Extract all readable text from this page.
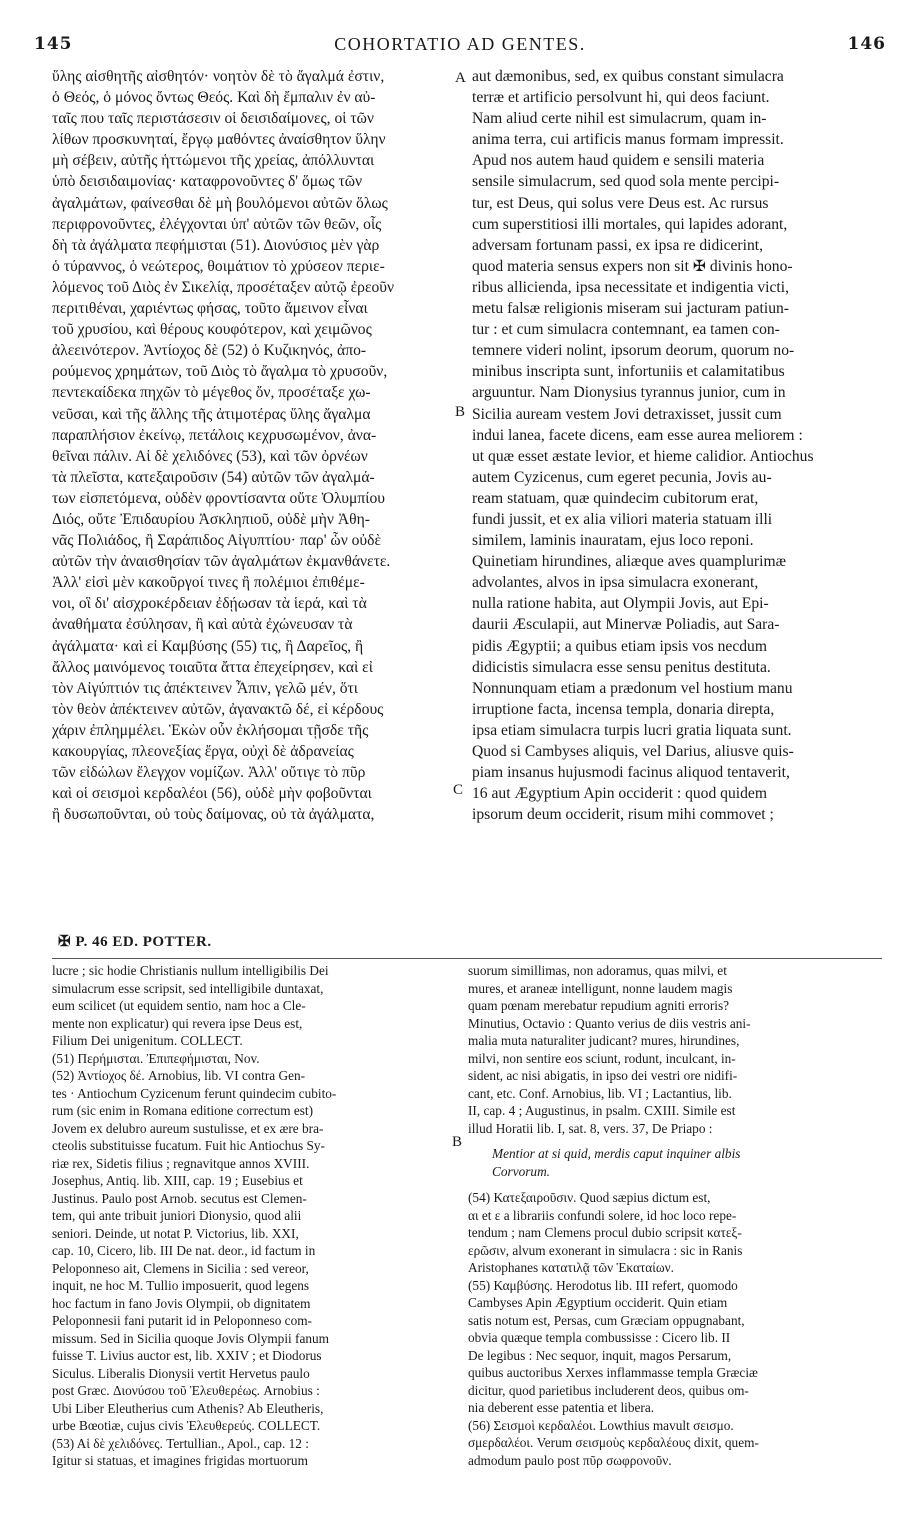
145	COHORTATIO AD GENTES.	146
ὕλης αἰσθητῆς αἰσθητόν· νοητὸν δὲ τὸ ἄγαλμά ἐστιν,
ὁ Θεός, ὁ μόνος ὄντως Θεός. Καὶ δὴ ἔμπαλιν ἐν αὐ-
ταῖς που ταῖς περιστάσεσιν οἱ δεισιδαίμονες, οἱ τῶν
λίθων προσκυνηταί, ἔργῳ μαθόντες ἀναίσθητον ὕλην
μὴ σέβειν, αὐτῆς ἡττώμενοι τῆς χρείας, ἀπόλλυνται
ὑπὸ δεισιδαιμονίας· καταφρονοῦντες δ' ὅμως τῶν
ἀγαλμάτων, φαίνεσθαι δὲ μὴ βουλόμενοι αὐτῶν ὅλως
περιφρονοῦντες, ἐλέγχονται ὑπ' αὐτῶν τῶν θεῶν, οἷς
δὴ τὰ ἀγάλματα πεφήμισται (51). Διονύσιος μὲν γὰρ
ὁ τύραννος, ὁ νεώτερος, θοιμάτιον τὸ χρύσεον περιε-
λόμενος τοῦ Διὸς ἐν Σικελίᾳ, προσέταξεν αὐτῷ ἐρεοῦν
περιτιθέναι, χαριέντως φήσας, τοῦτο ἄμεινον εἶναι
τοῦ χρυσίου, καὶ θέρους κουφότερον, καὶ χειμῶνος
ἀλεεινότερον. Ἀντίοχος δὲ (52) ὁ Κυζικηνός, ἀπο-
ρούμενος χρημάτων, τοῦ Διὸς τὸ ἄγαλμα τὸ χρυσοῦν,
πεντεκαίδεκα πηχῶν τὸ μέγεθος ὄν, προσέταξε χω-
νεῦσαι, καὶ τῆς ἄλλης τῆς ἀτιμοτέρας ὕλης ἄγαλμα
παραπλήσιον ἐκείνῳ, πετάλοις κεχρυσωμένον, ἀνα-
θεῖναι πάλιν. Αἱ δὲ χελιδόνες (53), καὶ τῶν ὀρνέων
τὰ πλεῖστα, κατεξαιροῦσιν (54) αὐτῶν τῶν ἀγαλμά-
των εἰσπετόμενα, οὐδὲν φροντίσαντα οὔτε Ὀλυμπίου
Διός, οὔτε Ἐπιδαυρίου Ἀσκληπιοῦ, οὐδὲ μὴν Ἀθη-
νᾶς Πολιάδος, ἢ Σαράπιδος Αἰγυπτίου· παρ' ὧν οὐδὲ
αὐτῶν τὴν ἀναισθησίαν τῶν ἀγαλμάτων ἐκμανθάνετε.
Ἀλλ' εἰσὶ μὲν κακοῦργοί τινες ἢ πολέμιοι ἐπιθέμε-
νοι, οἳ δι' αἰσχροκέρδειαν ἐδῄωσαν τὰ ἱερά, καὶ τὰ
ἀναθήματα ἐσύλησαν, ἢ καὶ αὐτὰ ἐχώνευσαν τὰ
ἀγάλματα· καὶ εἰ Καμβύσης (55) τις, ἢ Δαρεῖος, ἢ
ἄλλος μαινόμενος τοιαῦτα ἄττα ἐπεχείρησεν, καὶ εἰ
τὸν Αἰγύπτιόν τις ἀπέκτεινεν Ἆπιν, γελῶ μέν, ὅτι
τὸν θεὸν ἀπέκτεινεν αὐτῶν, ἀγανακτῶ δέ, εἰ κέρδους
χάριν ἐπλημμέλει. Ἑκὼν οὖν ἐκλήσομαι τῇσδε τῆς
κακουργίας, πλεονεξίας ἔργα, οὐχὶ δὲ ἀδρανείας
τῶν εἰδώλων ἔλεγχον νομίζων. Ἀλλ' οὔτιγε τὸ πῦρ
καὶ οἱ σεισμοὶ κερδαλέοι (56), οὐδὲ μὴν φοβοῦνται
ἢ δυσωποῦνται, οὐ τοὺς δαίμονας, οὐ τὰ ἀγάλματα,
aut dæmonibus, sed, ex quibus constant simulacra
terræ et artificio persolvunt hi, qui deos faciunt.
Nam aliud certe nihil est simulacrum, quam in-
anima terra, cui artificis manus formam impressit.
Apud nos autem haud quidem e sensili materia
sensile simulacrum, sed quod sola mente percipi-
tur, est Deus, qui solus vere Deus est. Ac rursus
cum superstitiosi illi mortales, qui lapides adorant,
adversam fortunam passi, ex ipsa re didicerint,
quod materia sensus expers non sit ✠ divinis hono-
ribus allicienda, ipsa necessitate et indigentia victi,
metu falsæ religionis miseram sui jacturam patiun-
tur : et cum simulacra contemnant, ea tamen con-
temnere videri nolint, ipsorum deorum, quorum no-
minibus inscripta sunt, infortuniis et calamitatibus
arguuntur. Nam Dionysius tyrannus junior, cum in
Sicilia auream vestem Jovi detraxisset, jussit cum
indui lanea, facete dicens, eam esse aurea meliorem :
ut quæ esset æstate levior, et hieme calidior. Antiochus
autem Cyzicenus, cum egeret pecunia, Jovis au-
ream statuam, quæ quindecim cubitorum erat,
fundi jussit, et ex alia viliori materia statuam illi
similem, laminis inauratam, ejus loco reponi.
Quinetiam hirundines, aliæque aves quamplurimæ
advolantes, alvos in ipsa simulacra exonerant,
nulla ratione habita, aut Olympii Jovis, aut Epi-
daurii Æsculapii, aut Minervæ Poliadis, aut Sara-
pidis Ægyptii; a quibus etiam ipsis vos necdum
didicistis simulacra esse sensu penitus destituta.
Nonnunquam etiam a prædonum vel hostium manu
irruptione facta, incensa templa, donaria direpta,
ipsa etiam simulacra turpis lucri gratia liquata sunt.
Quod si Cambyses aliquis, vel Darius, aliusve quis-
piam insanus hujusmodi facinus aliquod tentaverit,
16 aut Ægyptium Apin occiderit : quod quidem
ipsorum deum occiderit, risum mihi commovet ;
A
B
C
B
✠ P. 46 ED. POTTER.
lucre ; sic hodie Christianis nullum intelligibilis Dei
simulacrum esse scripsit, sed intelligibile duntaxat,
eum scilicet (ut equidem sentio, nam hoc a Cle-
mente non explicatur) qui revera ipse Deus est,
Filium Dei unigenitum. COLLECT.
(51) Περήμισται. Ἐπιπεφήμισται, Nov.
(52) Ἀντίοχος δέ. Arnobius, lib. VI contra Gen-
tes · Antiochum Cyzicenum ferunt quindecim cubito-
rum (sic enim in Romana editione correctum est)
Jovem ex delubro aureum sustulisse, et ex ære bra-
cteolis substituisse fucatum. Fuit hic Antiochus Sy-
riæ rex, Sidetis filius ; regnavitque annos XVIII.
Josephus, Antiq. lib. XIII, cap. 19 ; Eusebius et
Justinus. Paulo post Arnob. secutus est Clemen-
tem, qui ante tribuit juniori Dionysio, quod alii
seniori. Deinde, ut notat P. Victorius, lib. XXI,
cap. 10, Cicero, lib. III De nat. deor., id factum in
Peloponneso ait, Clemens in Sicilia : sed vereor,
inquit, ne hoc M. Tullio imposuerit, quod legens
hoc factum in fano Jovis Olympii, ob dignitatem
Peloponnesii fani putarit id in Peloponneso com-
missum. Sed in Sicilia quoque Jovis Olympii fanum
fuisse T. Livius auctor est, lib. XXIV ; et Diodorus
Siculus. Liberalis Dionysii vertit Hervetus paulo
post Græc. Διονύσου τοῦ Ἐλευθερέως. Arnobius :
Ubi Liber Eleutherius cum Athenis? Ab Eleutheris,
urbe Bœotiæ, cujus civis Ἐλευθερεύς. COLLECT.
(53) Αἱ δὲ χελιδόνες. Tertullian., Apol., cap. 12 :
Igitur si statuas, et imagines frigidas mortuorum
suorum simillimas, non adoramus, quas milvi, et
mures, et araneæ intelligunt, nonne laudem magis
quam pœnam merebatur repudium agniti erroris?
Minutius, Octavio : Quanto verius de diis vestris ani-
malia muta naturaliter judicant? mures, hirundines,
milvi, non sentire eos sciunt, rodunt, inculcant, in-
sident, ac nisi abigatis, in ipso dei vestri ore nidifi-
cant, etc. Conf. Arnobius, lib. VI ; Lactantius, lib.
II, cap. 4 ; Augustinus, in psalm. CXIII. Simile est
illud Horatii lib. I, sat. 8, vers. 37, De Priapo :
Mentior at si quid, merdis caput inquiner albis
Corvorum.
(54) Κατεξαιροῦσιν. Quod sæpius dictum est,
αι et ε a librariis confundi solere, id hoc loco repe-
tendum ; nam Clemens procul dubio scripsit κατεξ-
ερῶσιν, alvum exonerant in simulacra : sic in Ranis
Aristophanes κατατιλᾷ τῶν Ἑκαταίων.
(55) Καμβύσης. Herodotus lib. III refert, quomodo
Cambyses Apin Ægyptium occiderit. Quin etiam
satis notum est, Persas, cum Græciam oppugnabant,
obvia quæque templa combussisse : Cicero lib. II
De legibus : Nec sequor, inquit, magos Persarum,
quibus auctoribus Xerxes inflammasse templa Græciæ
dicitur, quod parietibus includerent deos, quibus om-
nia deberent esse patentia et libera.
(56) Σεισμοὶ κερδαλέοι. Lowthius mavult σεισμο.
σμερδαλέοι. Verum σεισμοὺς κερδαλέους dixit, quem-
admodum paulo post πῦρ σωφρονοῦν.
